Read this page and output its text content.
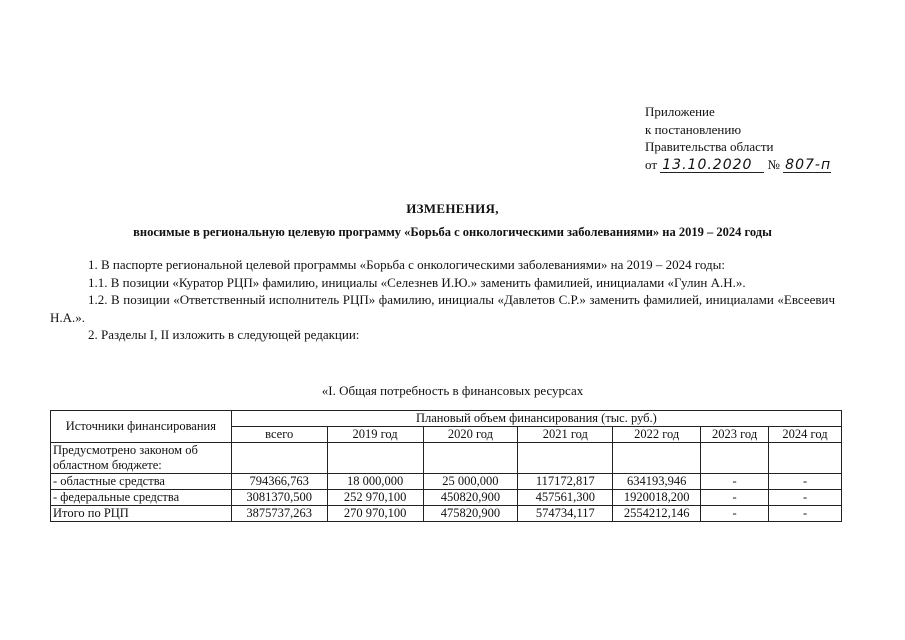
Приложение
к постановлению
Правительства области
от 13.10.2020 № 807-п
ИЗМЕНЕНИЯ,
вносимые в региональную целевую программу «Борьба с онкологическими заболеваниями» на 2019 – 2024 годы

1. В паспорте региональной целевой программы «Борьба с онкологическими заболеваниями» на 2019 – 2024 годы:

1.1. В позиции «Куратор РЦП» фамилию, инициалы «Селезнев И.Ю.» заменить фамилией, инициалами «Гулин А.Н.».

1.2. В позиции «Ответственный исполнитель РЦП» фамилию, инициалы «Давлетов С.Р.» заменить фамилией, инициалами «Евсеевич Н.А.».

2. Разделы I, II изложить в следующей редакции:

«I. Общая потребность в финансовых ресурсах
Источники финансирования	Плановый объем финансирования (тыс. руб.)						
	всего	2019 год	2020 год	2021 год	2022 год	2023 год	2024 год
Предусмотрено законом об областном бюджете:							
- областные средства	794366,763	18 000,000	25 000,000	117172,817	634193,946	-	-
- федеральные средства	3081370,500	252 970,100	450820,900	457561,300	1920018,200	-	-
Итого по РЦП	3875737,263	270 970,100	475820,900	574734,117	2554212,146	-	-
